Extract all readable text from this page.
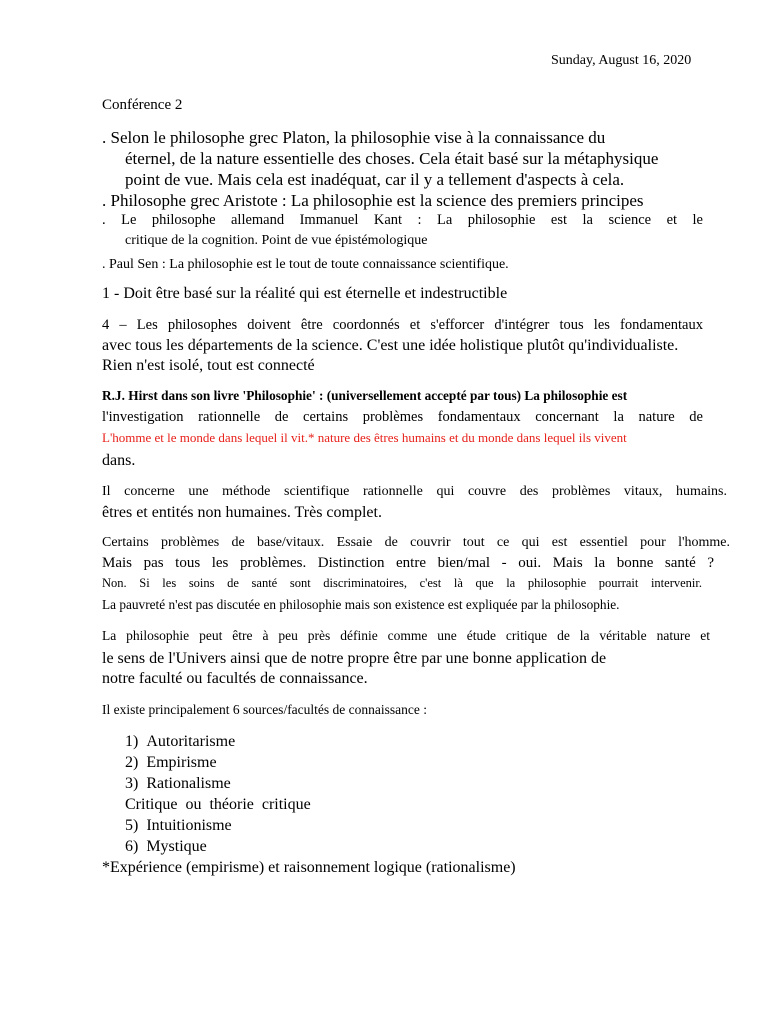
Sunday, August 16, 2020
Conférence 2
. Selon le philosophe grec Platon, la philosophie vise à la connaissance du
éternel, de la nature essentielle des choses. Cela était basé sur la métaphysique
point de vue. Mais cela est inadéquat, car il y a tellement d'aspects à cela.
. Philosophe grec Aristote : La philosophie est la science des premiers principes
. Le philosophe allemand Immanuel Kant : La philosophie est la science et le
critique de la cognition. Point de vue épistémologique
. Paul Sen : La philosophie est le tout de toute connaissance scientifique.
1 - Doit être basé sur la réalité qui est éternelle et indestructible
4 – Les philosophes doivent être coordonnés et s'efforcer d'intégrer tous les fondamentaux
avec tous les départements de la science. C'est une idée holistique plutôt qu'individualiste.
Rien n'est isolé, tout est connecté
R.J. Hirst dans son livre 'Philosophie' : (universellement accepté par tous) La philosophie est
l'investigation rationnelle de certains problèmes fondamentaux concernant la nature de
L'homme et le monde dans lequel il vit.* nature des êtres humains et du monde dans lequel ils vivent
dans.
Il concerne une méthode scientifique rationnelle qui couvre des problèmes vitaux, humains.
êtres et entités non humaines. Très complet.
Certains problèmes de base/vitaux. Essaie de couvrir tout ce qui est essentiel pour l'homme.
Mais pas tous les problèmes. Distinction entre bien/mal - oui. Mais la bonne santé ?
Non. Si les soins de santé sont discriminatoires, c'est là que la philosophie pourrait intervenir.
La pauvreté n'est pas discutée en philosophie mais son existence est expliquée par la philosophie.
La philosophie peut être à peu près définie comme une étude critique de la véritable nature et
le sens de l'Univers ainsi que de notre propre être par une bonne application de
notre faculté ou facultés de connaissance.
Il existe principalement 6 sources/facultés de connaissance :
1) Autoritarisme
2) Empirisme
3) Rationalisme
Critique  ou  théorie  critique
5) Intuitionisme
6) Mystique
*Expérience (empirisme) et raisonnement logique (rationalisme)
